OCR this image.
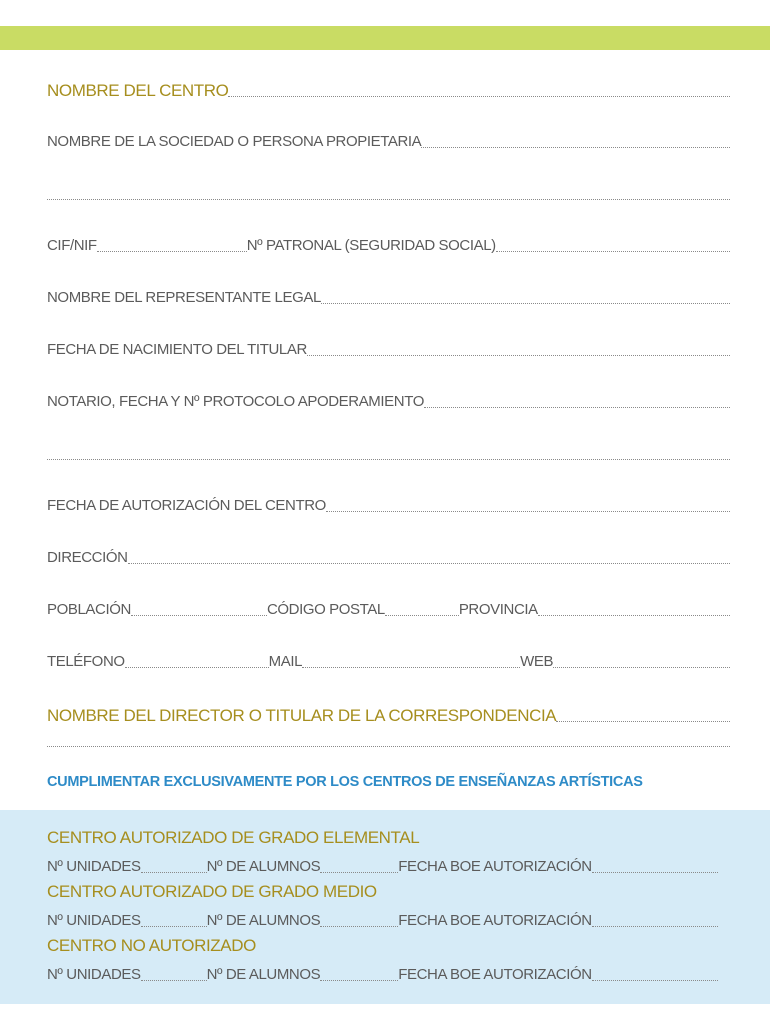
NOMBRE DEL CENTRO
NOMBRE DE LA SOCIEDAD O PERSONA PROPIETARIA
CIF/NIF	Nº PATRONAL (SEGURIDAD SOCIAL)
NOMBRE DEL REPRESENTANTE LEGAL
FECHA DE NACIMIENTO DEL TITULAR
NOTARIO, FECHA Y Nº PROTOCOLO APODERAMIENTO
FECHA DE AUTORIZACIÓN DEL CENTRO
DIRECCIÓN
POBLACIÓN	CÓDIGO POSTAL	PROVINCIA
TELÉFONO	MAIL	WEB
NOMBRE DEL DIRECTOR O TITULAR DE LA CORRESPONDENCIA
CUMPLIMENTAR EXCLUSIVAMENTE POR LOS CENTROS DE ENSEÑANZAS ARTÍSTICAS
CENTRO AUTORIZADO DE GRADO ELEMENTAL
Nº UNIDADES	Nº DE ALUMNOS	FECHA BOE AUTORIZACIÓN
CENTRO AUTORIZADO DE GRADO MEDIO
Nº UNIDADES	Nº DE ALUMNOS	FECHA BOE AUTORIZACIÓN
CENTRO NO AUTORIZADO
Nº UNIDADES	Nº DE ALUMNOS	FECHA BOE AUTORIZACIÓN
